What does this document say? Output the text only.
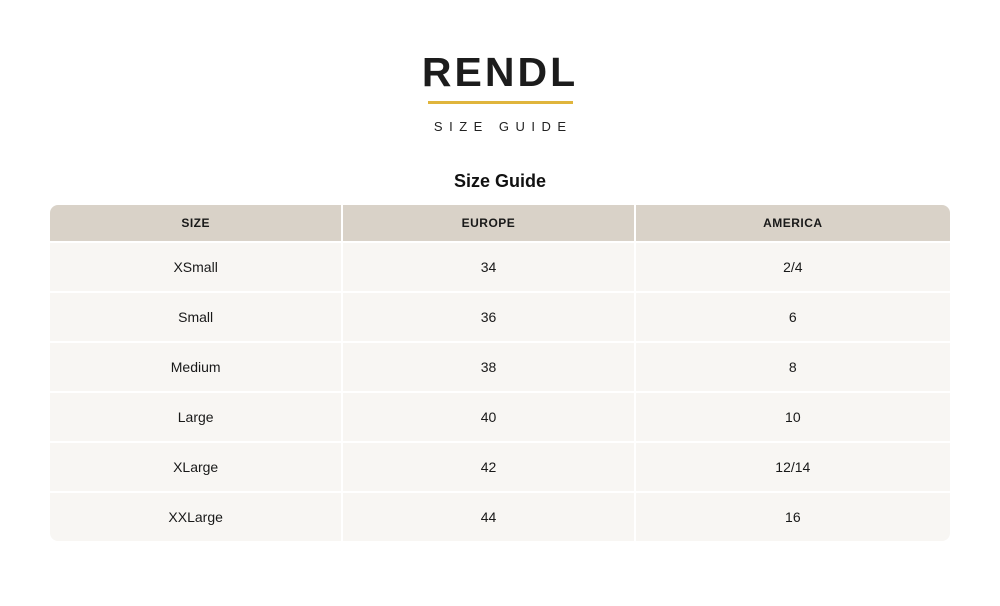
RENDL
SIZE GUIDE
Size Guide
SIZE	EUROPE	AMERICA
XSmall	34	2/4
Small	36	6
Medium	38	8
Large	40	10
XLarge	42	12/14
XXLarge	44	16
